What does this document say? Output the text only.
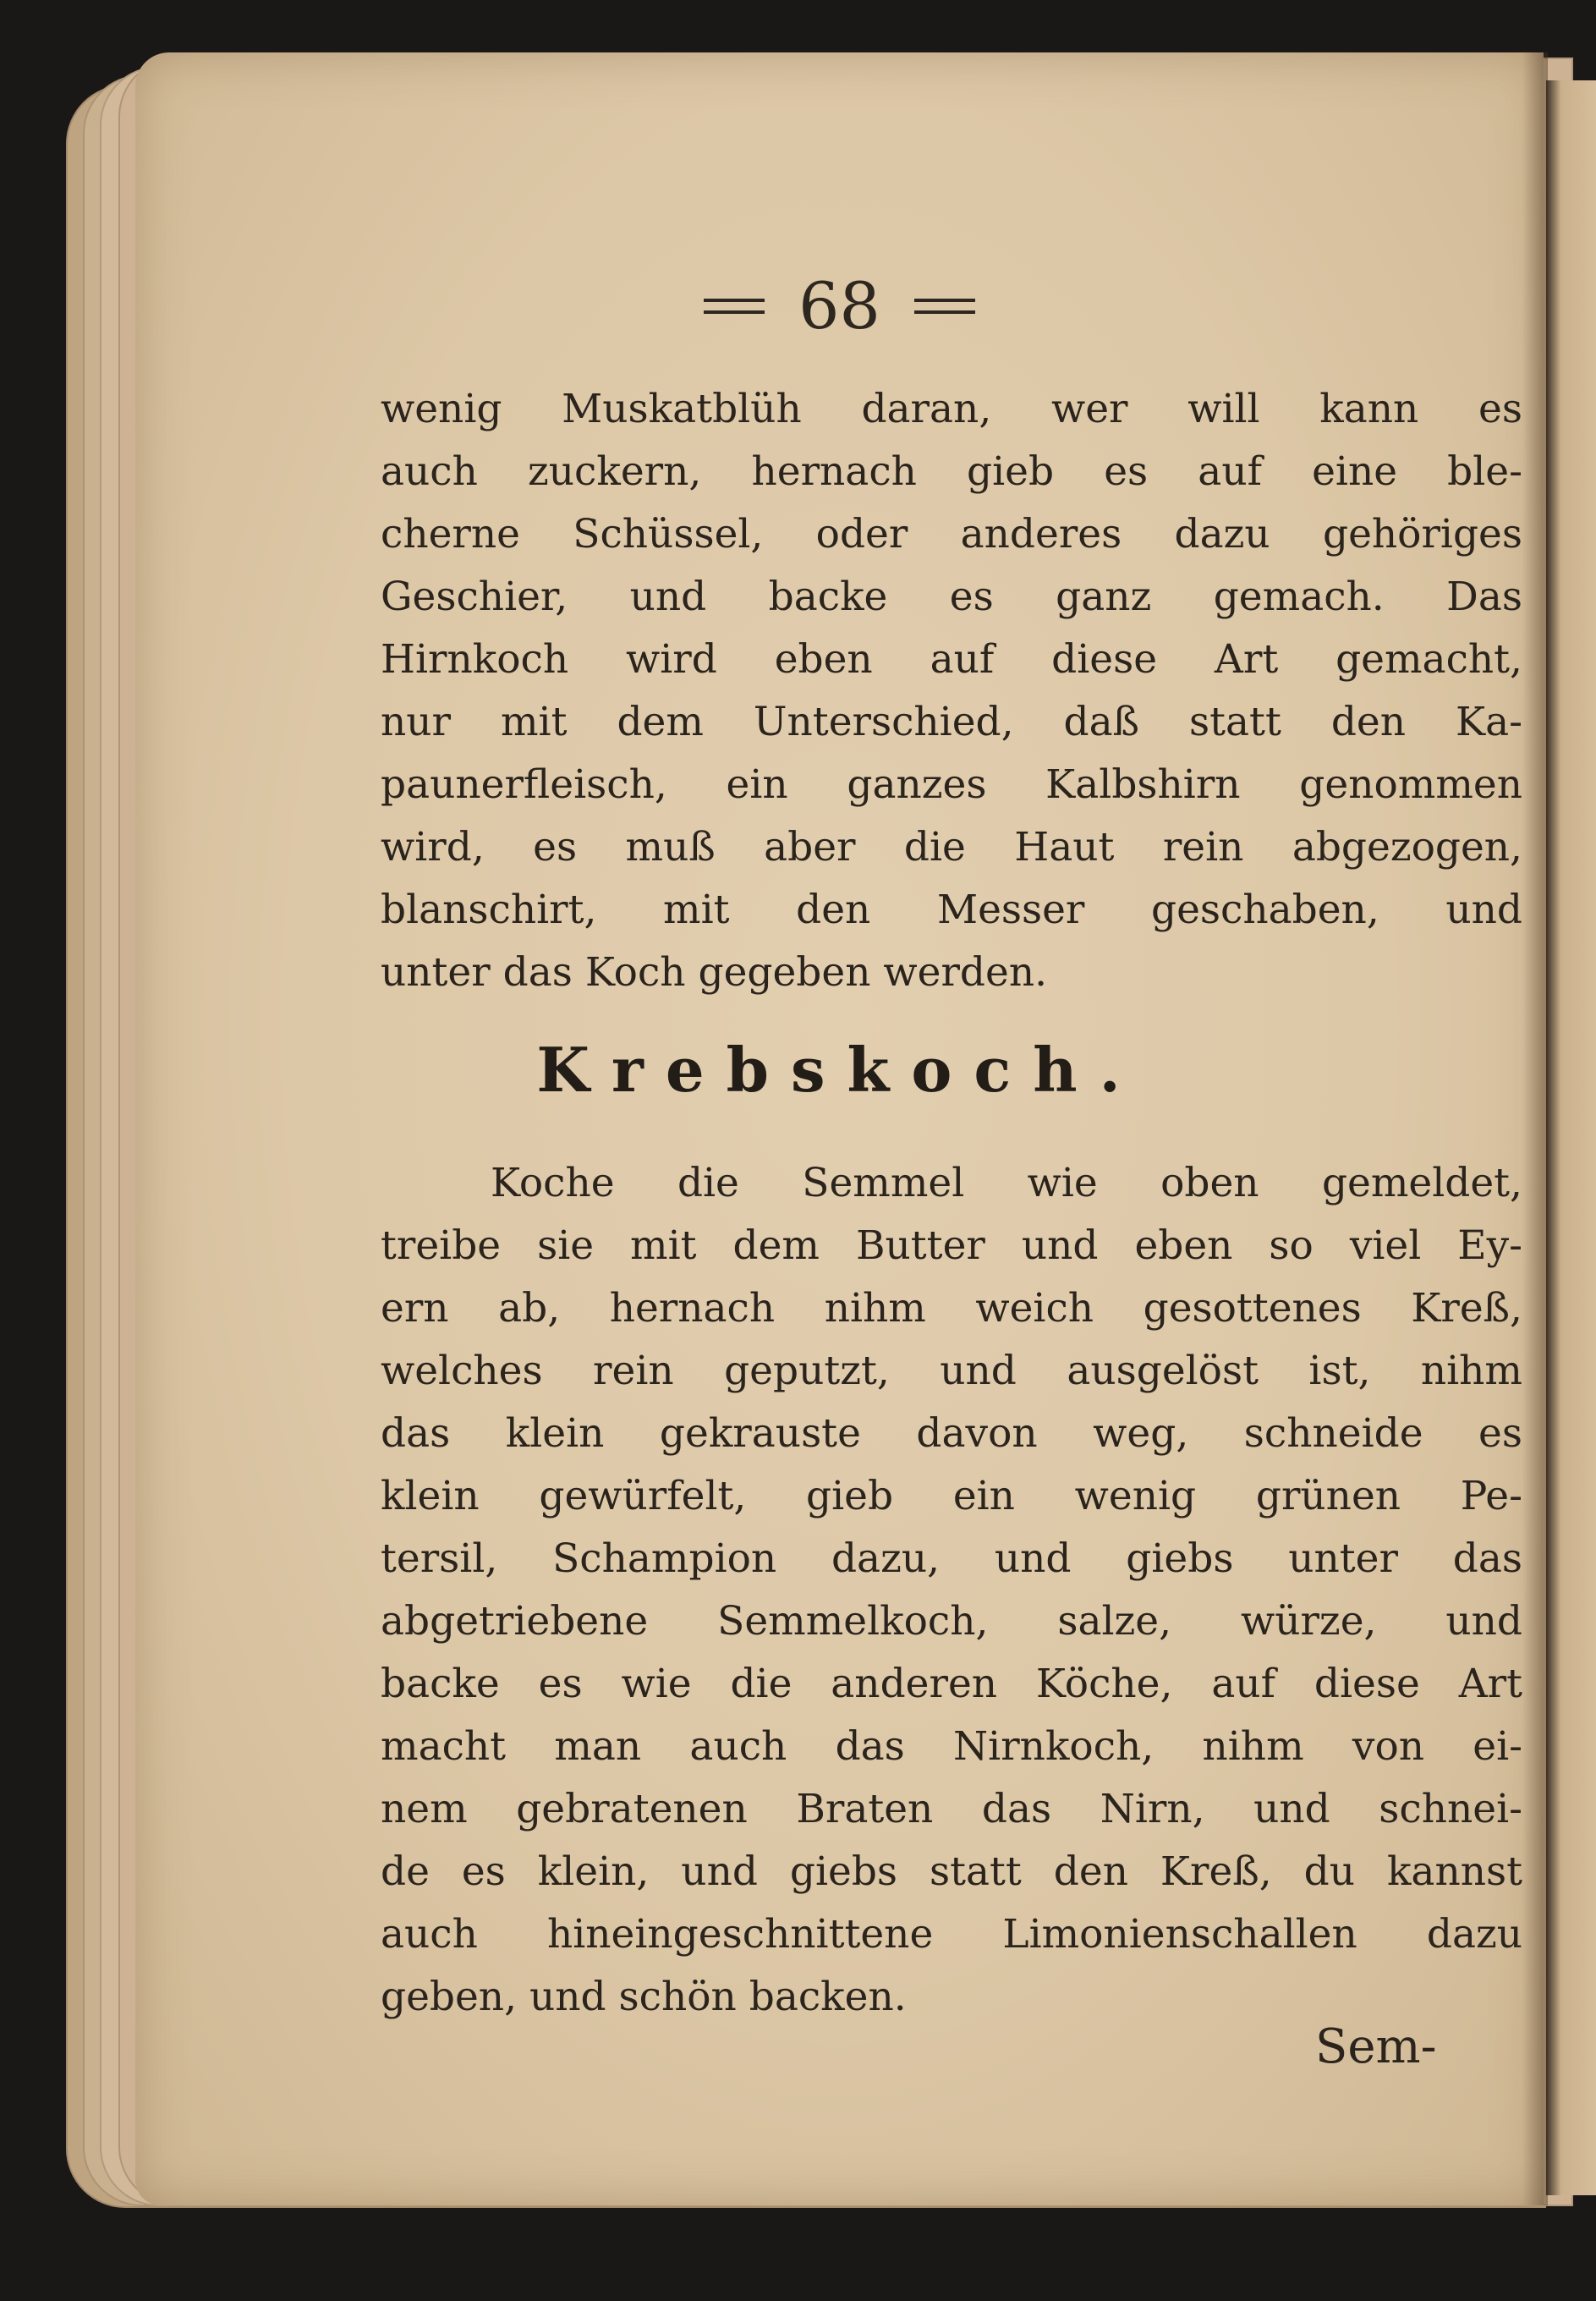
68
wenig Muskatblüh daran, wer will kann es
auch zuckern, hernach gieb es auf eine ble-
cherne Schüssel, oder anderes dazu gehöriges
Geschier, und backe es ganz gemach. Das
Hirnkoch wird eben auf diese Art gemacht,
nur mit dem Unterschied, daß statt den Ka-
paunerfleisch, ein ganzes Kalbshirn genommen
wird, es muß aber die Haut rein abgezogen,
blanschirt, mit den Messer geschaben, und
unter das Koch gegeben werden.
Krebskoch.
Koche die Semmel wie oben gemeldet,
treibe sie mit dem Butter und eben so viel Ey-
ern ab, hernach nihm weich gesottenes Kreß,
welches rein geputzt, und ausgelöst ist, nihm
das klein gekrauste davon weg, schneide es
klein gewürfelt, gieb ein wenig grünen Pe-
tersil, Schampion dazu, und giebs unter das
abgetriebene Semmelkoch, salze, würze, und
backe es wie die anderen Köche, auf diese Art
macht man auch das Nirnkoch, nihm von ei-
nem gebratenen Braten das Nirn, und schnei-
de es klein, und giebs statt den Kreß, du kannst
auch hineingeschnittene Limonienschallen dazu
geben, und schön backen.
Sem-
